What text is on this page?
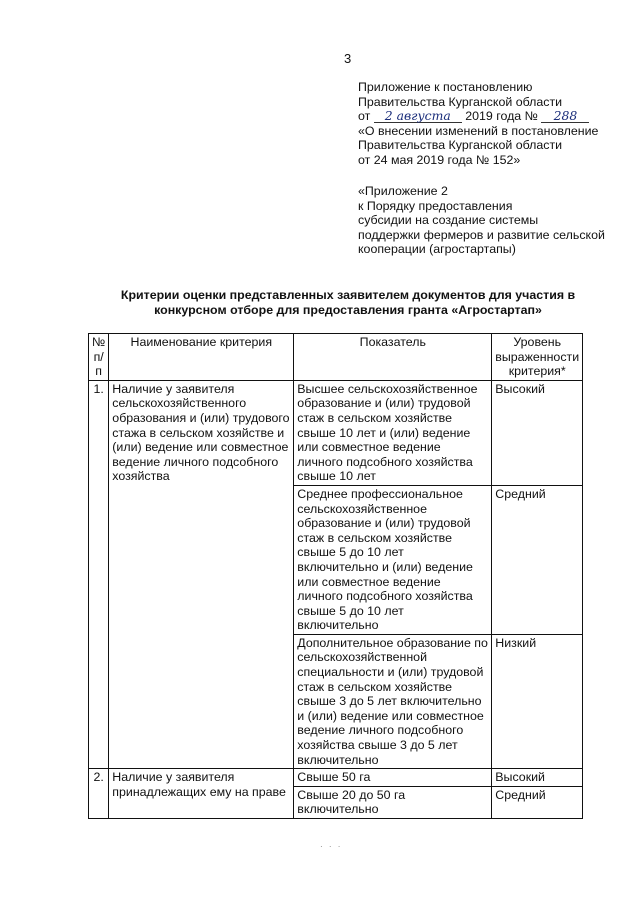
3
Приложение к постановлению
Правительства Курганской области
от 2 августа 2019 года № 288
«О внесении изменений в постановление
Правительства Курганской области
от 24 мая 2019 года № 152»
«Приложение 2
к Порядку предоставления
субсидии на создание системы
поддержки фермеров и развитие сельской
кооперации (агростартапы)
Критерии оценки представленных заявителем документов для участия в
конкурсном отборе для предоставления гранта «Агростартап»
№ п/п	Наименование критерия	Показатель	Уровень выраженности критерия*
1.	Наличие у заявителя сельскохозяйственного образования и (или) трудового стажа в сельском хозяйстве и (или) ведение или совместное ведение личного подсобного хозяйства	Высшее сельскохозяйственное образование и (или) трудовой стаж в сельском хозяйстве свыше 10 лет и (или) ведение или совместное ведение личного подсобного хозяйства свыше 10 лет	Высокий
		Среднее профессиональное сельскохозяйственное образование и (или) трудовой стаж в сельском хозяйстве свыше 5 до 10 лет включительно и (или) ведение или совместное ведение личного подсобного хозяйства свыше 5 до 10 лет включительно	Средний
		Дополнительное образование по сельскохозяйственной специальности и (или) трудовой стаж в сельском хозяйстве свыше 3 до 5 лет включительно и (или) ведение или совместное ведение личного подсобного хозяйства свыше 3 до 5 лет включительно	Низкий
2.	Наличие у заявителя принадлежащих ему на праве	Свыше 50 га	Высокий
		Свыше 20 до 50 га включительно	Средний
· · ·
